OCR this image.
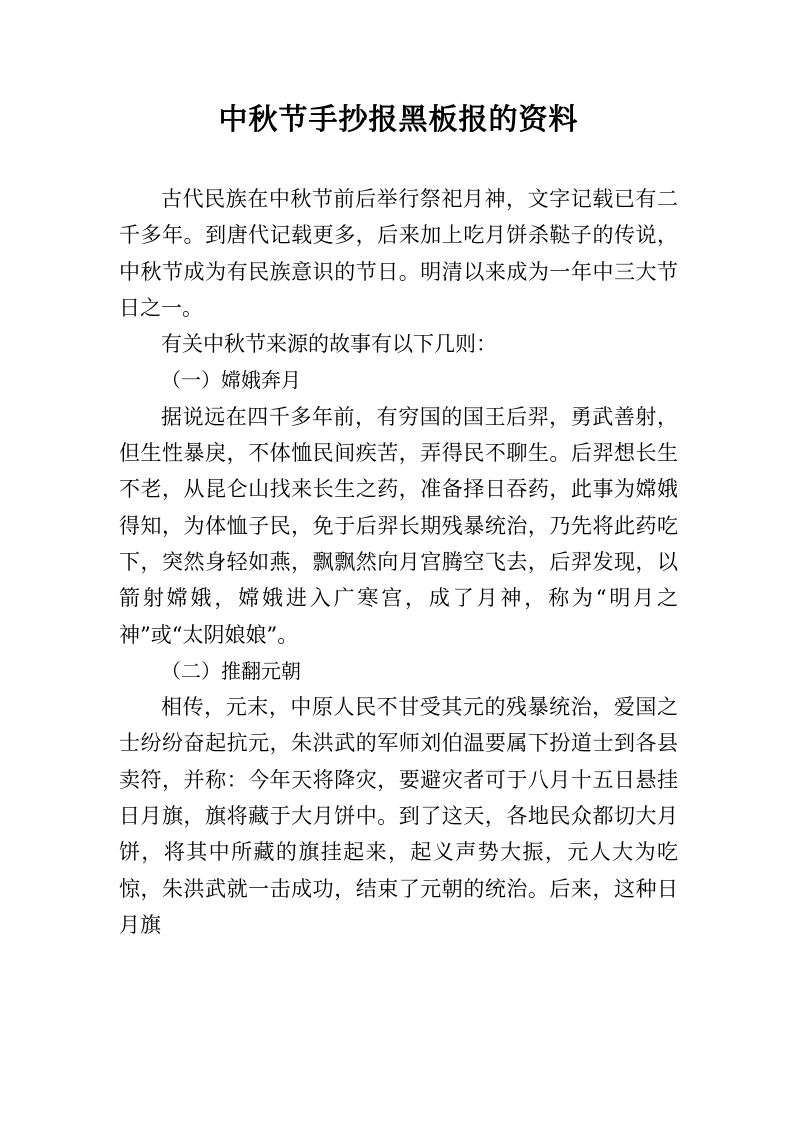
中秋节手抄报黑板报的资料

古代民族在中秋节前后举行祭祀月神，文字记载已有二千多年。到唐代记载更多，后来加上吃月饼杀鞑子的传说，中秋节成为有民族意识的节日。明清以来成为一年中三大节日之一。

有关中秋节来源的故事有以下几则：

（一）嫦娥奔月

据说远在四千多年前，有穷国的国王后羿，勇武善射，但生性暴戾，不体恤民间疾苦，弄得民不聊生。后羿想长生不老，从昆仑山找来长生之药，准备择日吞药，此事为嫦娥得知，为体恤子民，免于后羿长期残暴统治，乃先将此药吃下，突然身轻如燕，飘飘然向月宫腾空飞去，后羿发现，以箭射嫦娥，嫦娥进入广寒宫，成了月神，称为“明月之神”或“太阴娘娘”。

（二）推翻元朝

相传，元末，中原人民不甘受其元的残暴统治，爱国之士纷纷奋起抗元，朱洪武的军师刘伯温要属下扮道士到各县卖符，并称：今年天将降灾，要避灾者可于八月十五日悬挂日月旗，旗将藏于大月饼中。到了这天，各地民众都切大月饼，将其中所藏的旗挂起来，起义声势大振，元人大为吃惊，朱洪武就一击成功，结束了元朝的统治。后来，这种日月旗
